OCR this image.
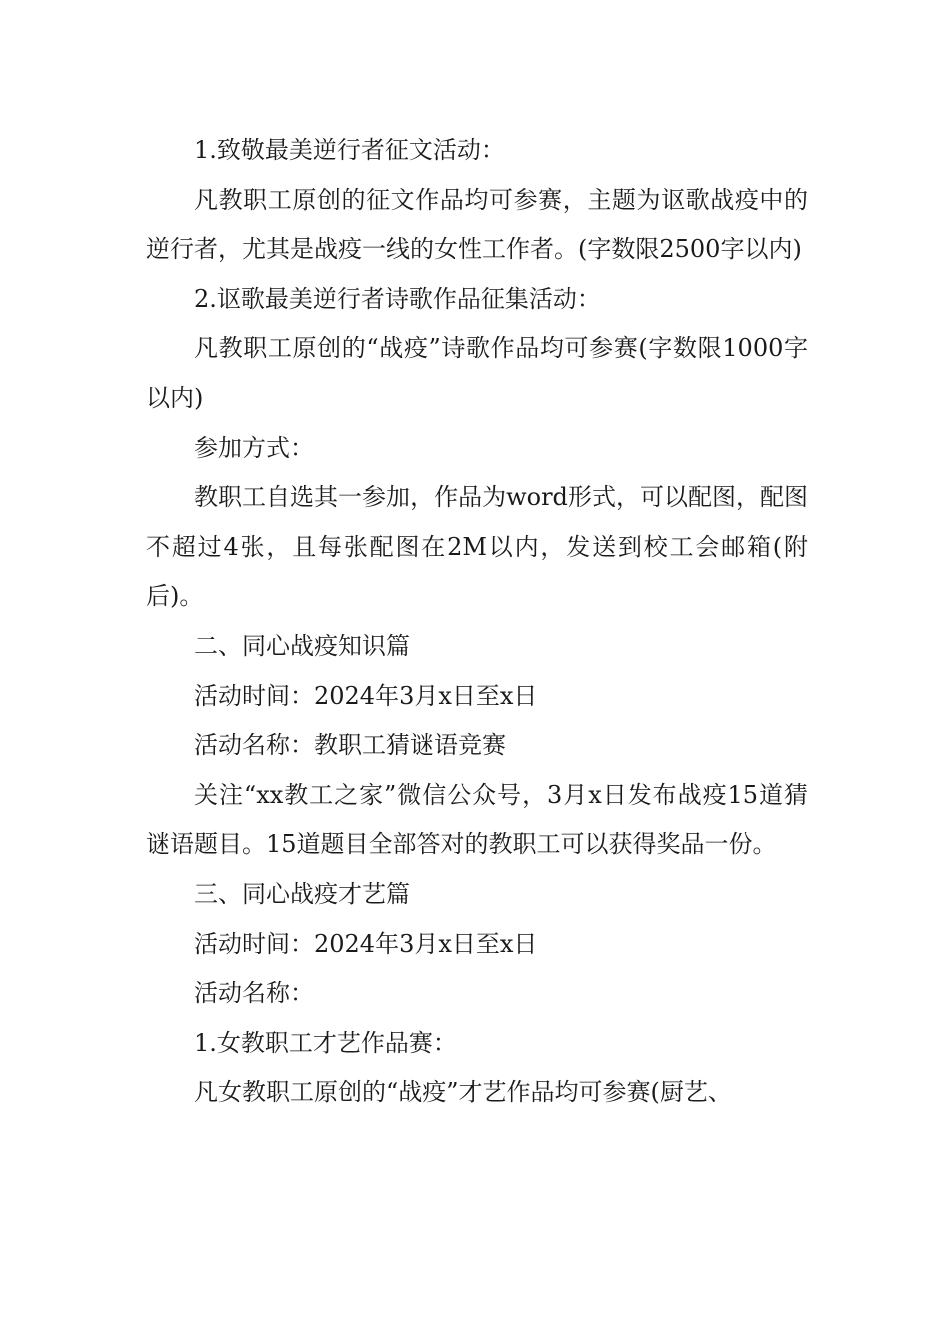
1.致敬最美逆行者征文活动：

凡教职工原创的征文作品均可参赛，主题为讴歌战疫中的逆行者，尤其是战疫一线的女性工作者。(字数限2500字以内)

2.讴歌最美逆行者诗歌作品征集活动：

凡教职工原创的“战疫”诗歌作品均可参赛(字数限1000字以内)

参加方式：

教职工自选其一参加，作品为word形式，可以配图，配图不超过4张，且每张配图在2M以内，发送到校工会邮箱(附后)。

二、同心战疫知识篇

活动时间：2024年3月x日至x日

活动名称：教职工猜谜语竞赛

关注“xx教工之家”微信公众号，3月x日发布战疫15道猜谜语题目。15道题目全部答对的教职工可以获得奖品一份。

三、同心战疫才艺篇

活动时间：2024年3月x日至x日

活动名称：

1.女教职工才艺作品赛：

凡女教职工原创的“战疫”才艺作品均可参赛(厨艺、
